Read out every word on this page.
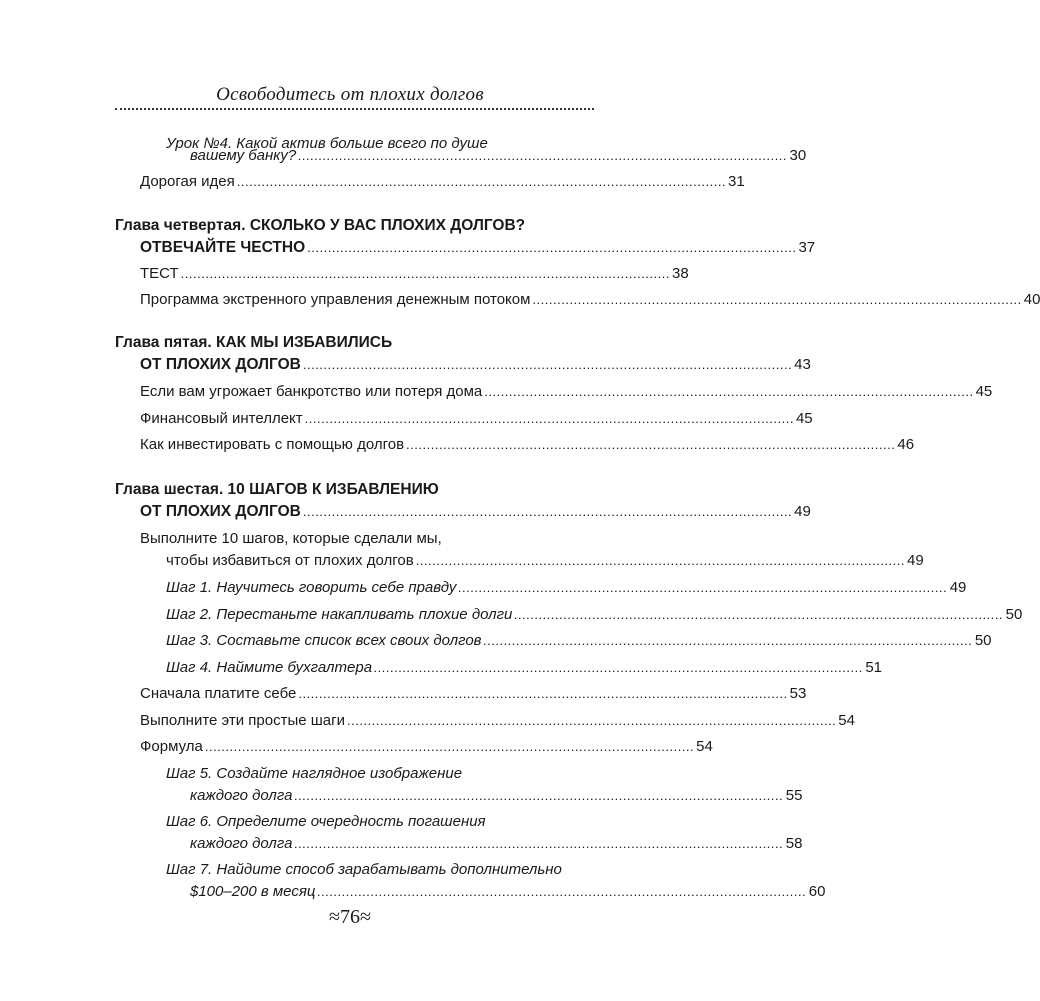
Освободитесь от плохих долгов
Урок №4. Какой актив больше всего по душе
вашему банку? ....................................................................................................................... 30
Дорогая идея ....................................................................................................................... 31
Глава четвертая. СКОЛЬКО У ВАС ПЛОХИХ ДОЛГОВ?
ОТВЕЧАЙТЕ ЧЕСТНО ....................................................................................................................... 37
ТЕСТ ....................................................................................................................... 38
Программа экстренного управления денежным потоком ....................................................................................................................... 40
Глава пятая. КАК МЫ ИЗБАВИЛИСЬ
ОТ ПЛОХИХ ДОЛГОВ ....................................................................................................................... 43
Если вам угрожает банкротство или потеря дома ....................................................................................................................... 45
Финансовый интеллект ....................................................................................................................... 45
Как инвестировать с помощью долгов ....................................................................................................................... 46
Глава шестая. 10 ШАГОВ К ИЗБАВЛЕНИЮ
ОТ ПЛОХИХ ДОЛГОВ ....................................................................................................................... 49
Выполните 10 шагов, которые сделали мы,
чтобы избавиться от плохих долгов ....................................................................................................................... 49
Шаг 1. Научитесь говорить себе правду ....................................................................................................................... 49
Шаг 2. Перестаньте накапливать плохие долги ....................................................................................................................... 50
Шаг 3. Составьте список всех своих долгов ....................................................................................................................... 50
Шаг 4. Наймите бухгалтера ....................................................................................................................... 51
Сначала платите себе ....................................................................................................................... 53
Выполните эти простые шаги ....................................................................................................................... 54
Формула ....................................................................................................................... 54
Шаг 5. Создайте наглядное изображение
каждого долга ....................................................................................................................... 55
Шаг 6. Определите очередность погашения
каждого долга ....................................................................................................................... 58
Шаг 7. Найдите способ зарабатывать дополнительно
$100–200 в месяц ....................................................................................................................... 60
≈76≈
